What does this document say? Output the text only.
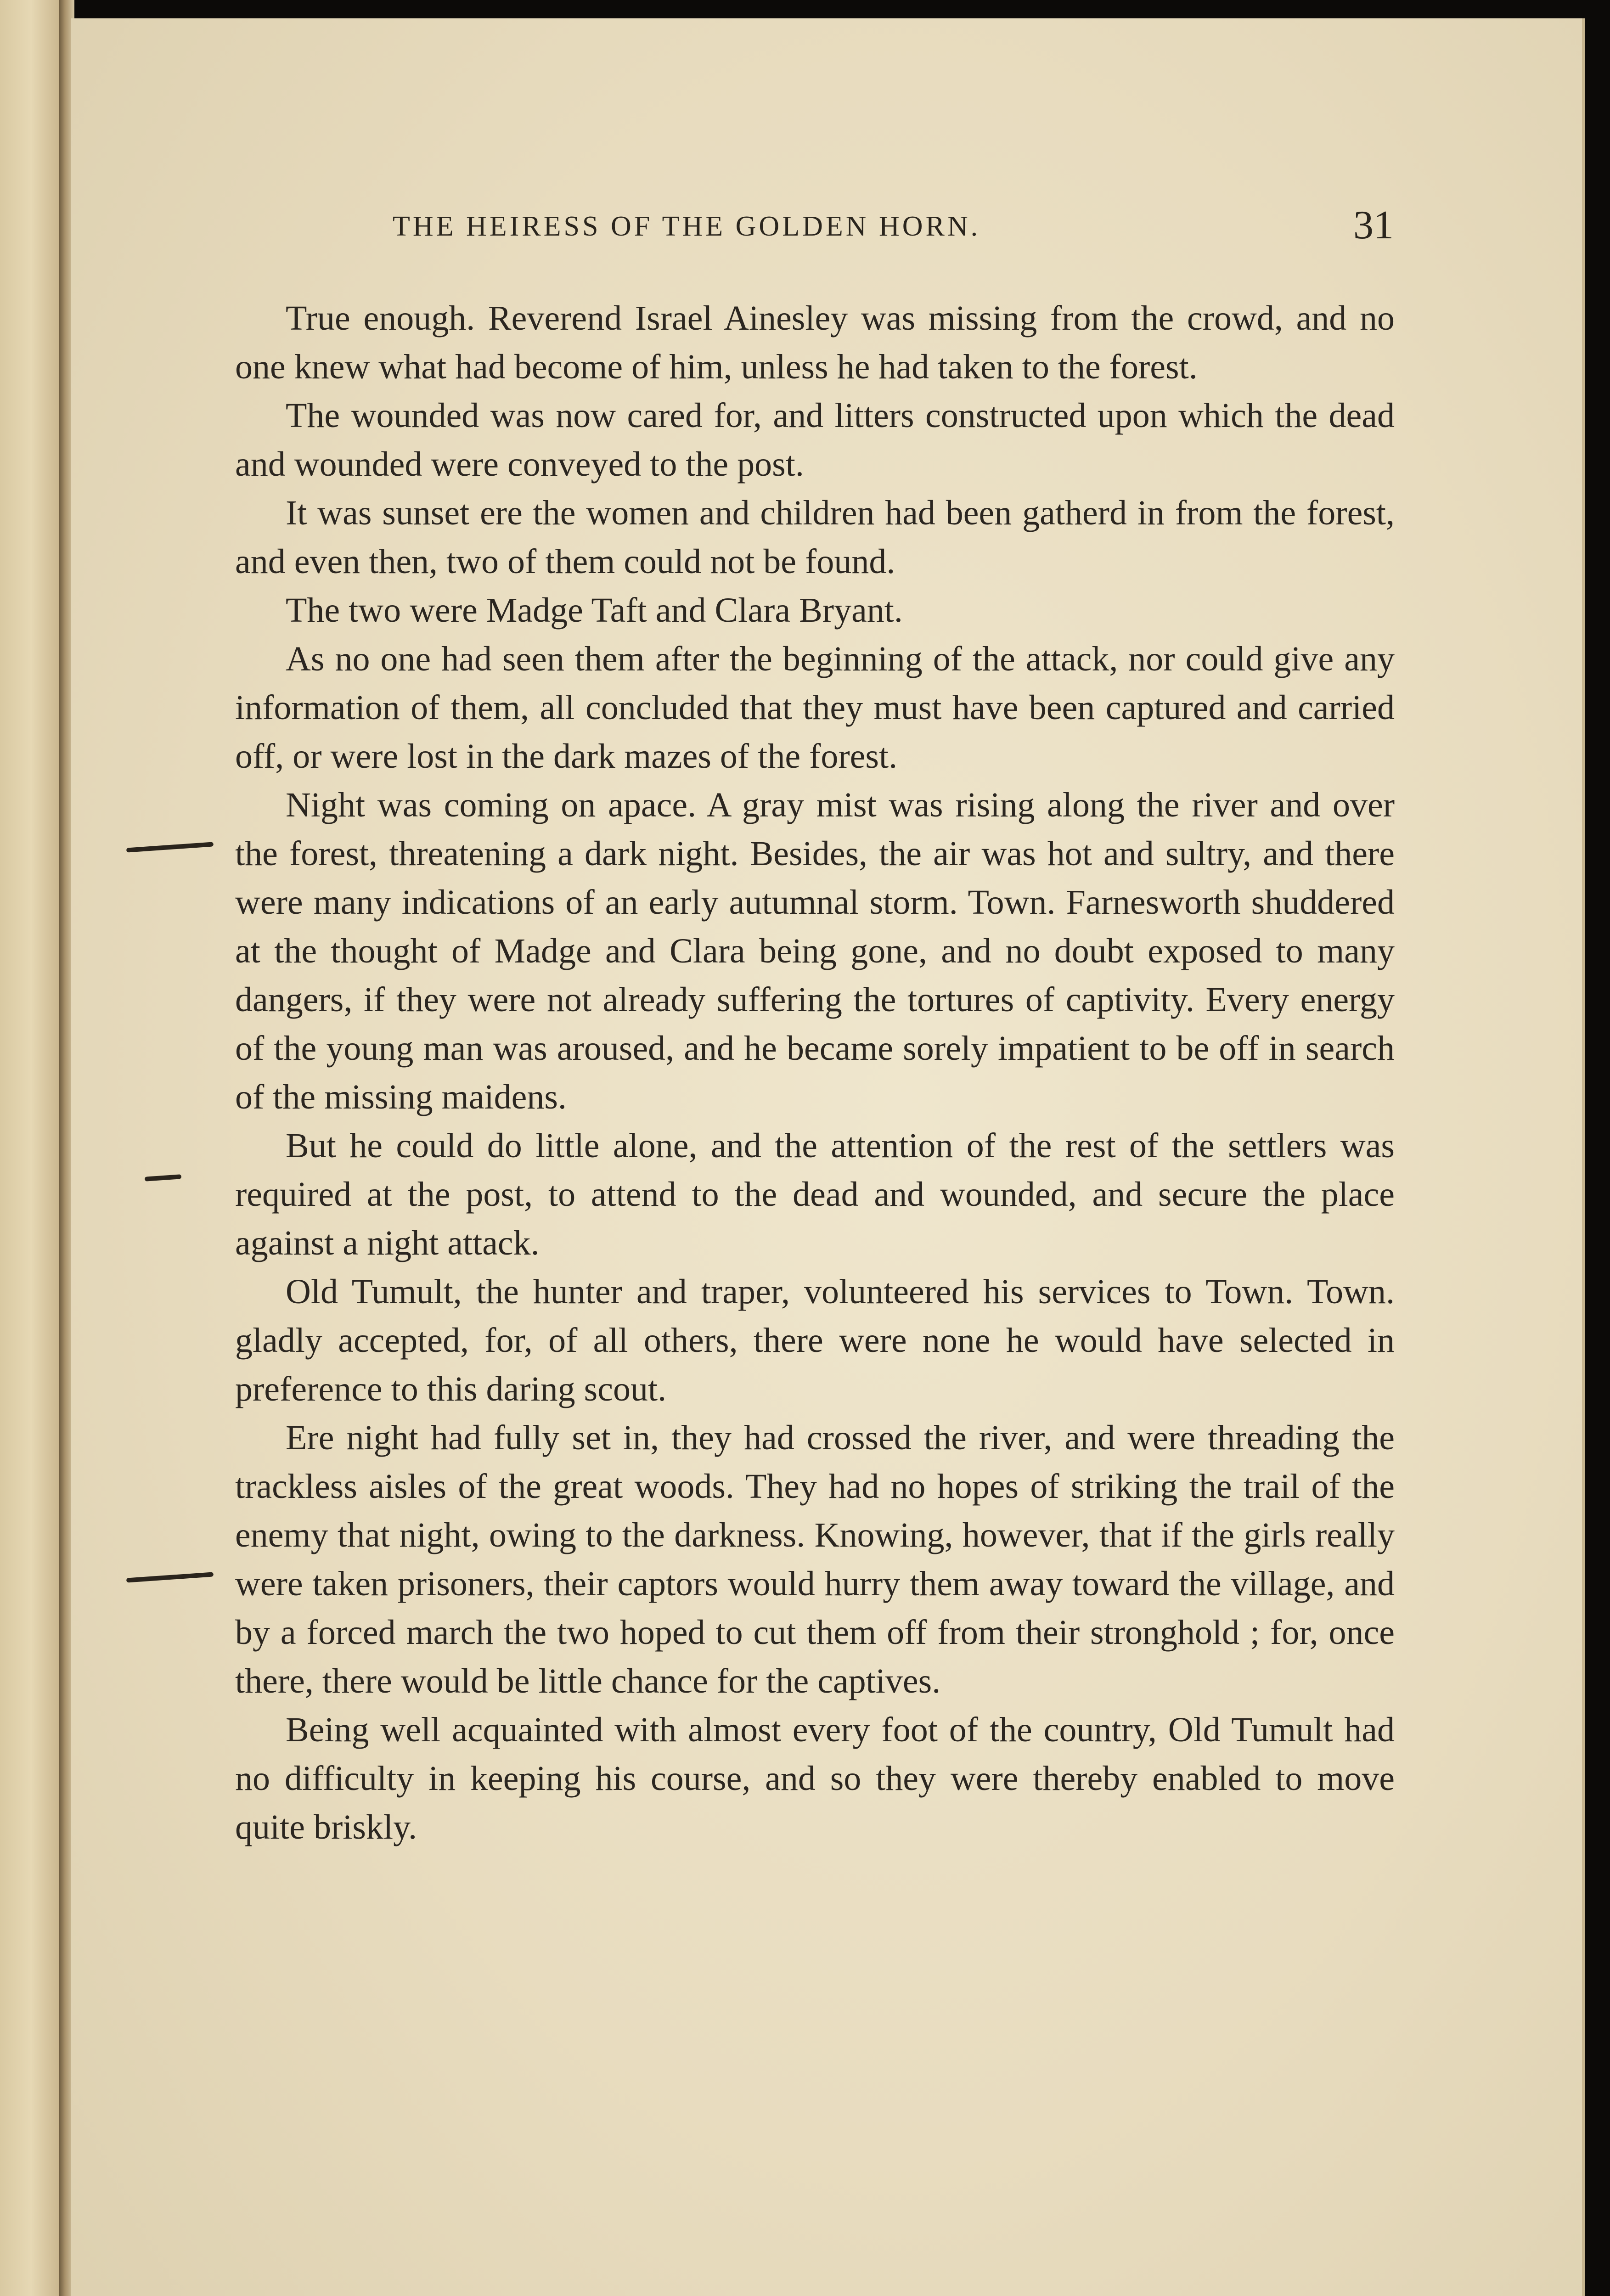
THE HEIRESS OF THE GOLDEN HORN.	31

True enough. Reverend Israel Ainesley was missing from the crowd, and no one knew what had become of him, unless he had taken to the forest.

The wounded was now cared for, and litters constructed upon which the dead and wounded were conveyed to the post.

It was sunset ere the women and children had been gatherd in from the forest, and even then, two of them could not be found.

The two were Madge Taft and Clara Bryant.

As no one had seen them after the beginning of the attack, nor could give any information of them, all concluded that they must have been captured and carried off, or were lost in the dark mazes of the forest.

Night was coming on apace. A gray mist was rising along the river and over the forest, threatening a dark night. Besides, the air was hot and sultry, and there were many indications of an early autumnal storm. Town. Farnesworth shuddered at the thought of Madge and Clara being gone, and no doubt exposed to many dangers, if they were not already suffering the tortures of captivity. Every energy of the young man was aroused, and he became sorely impatient to be off in search of the missing maidens.

But he could do little alone, and the attention of the rest of the settlers was required at the post, to attend to the dead and wounded, and secure the place against a night attack.

Old Tumult, the hunter and traper, volunteered his services to Town. Town. gladly accepted, for, of all others, there were none he would have selected in preference to this daring scout.

Ere night had fully set in, they had crossed the river, and were threading the trackless aisles of the great woods. They had no hopes of striking the trail of the enemy that night, owing to the darkness. Knowing, however, that if the girls really were taken prisoners, their captors would hurry them away toward the village, and by a forced march the two hoped to cut them off from their stronghold ; for, once there, there would be little chance for the captives.

Being well acquainted with almost every foot of the country, Old Tumult had no difficulty in keeping his course, and so they were thereby enabled to move quite briskly.
